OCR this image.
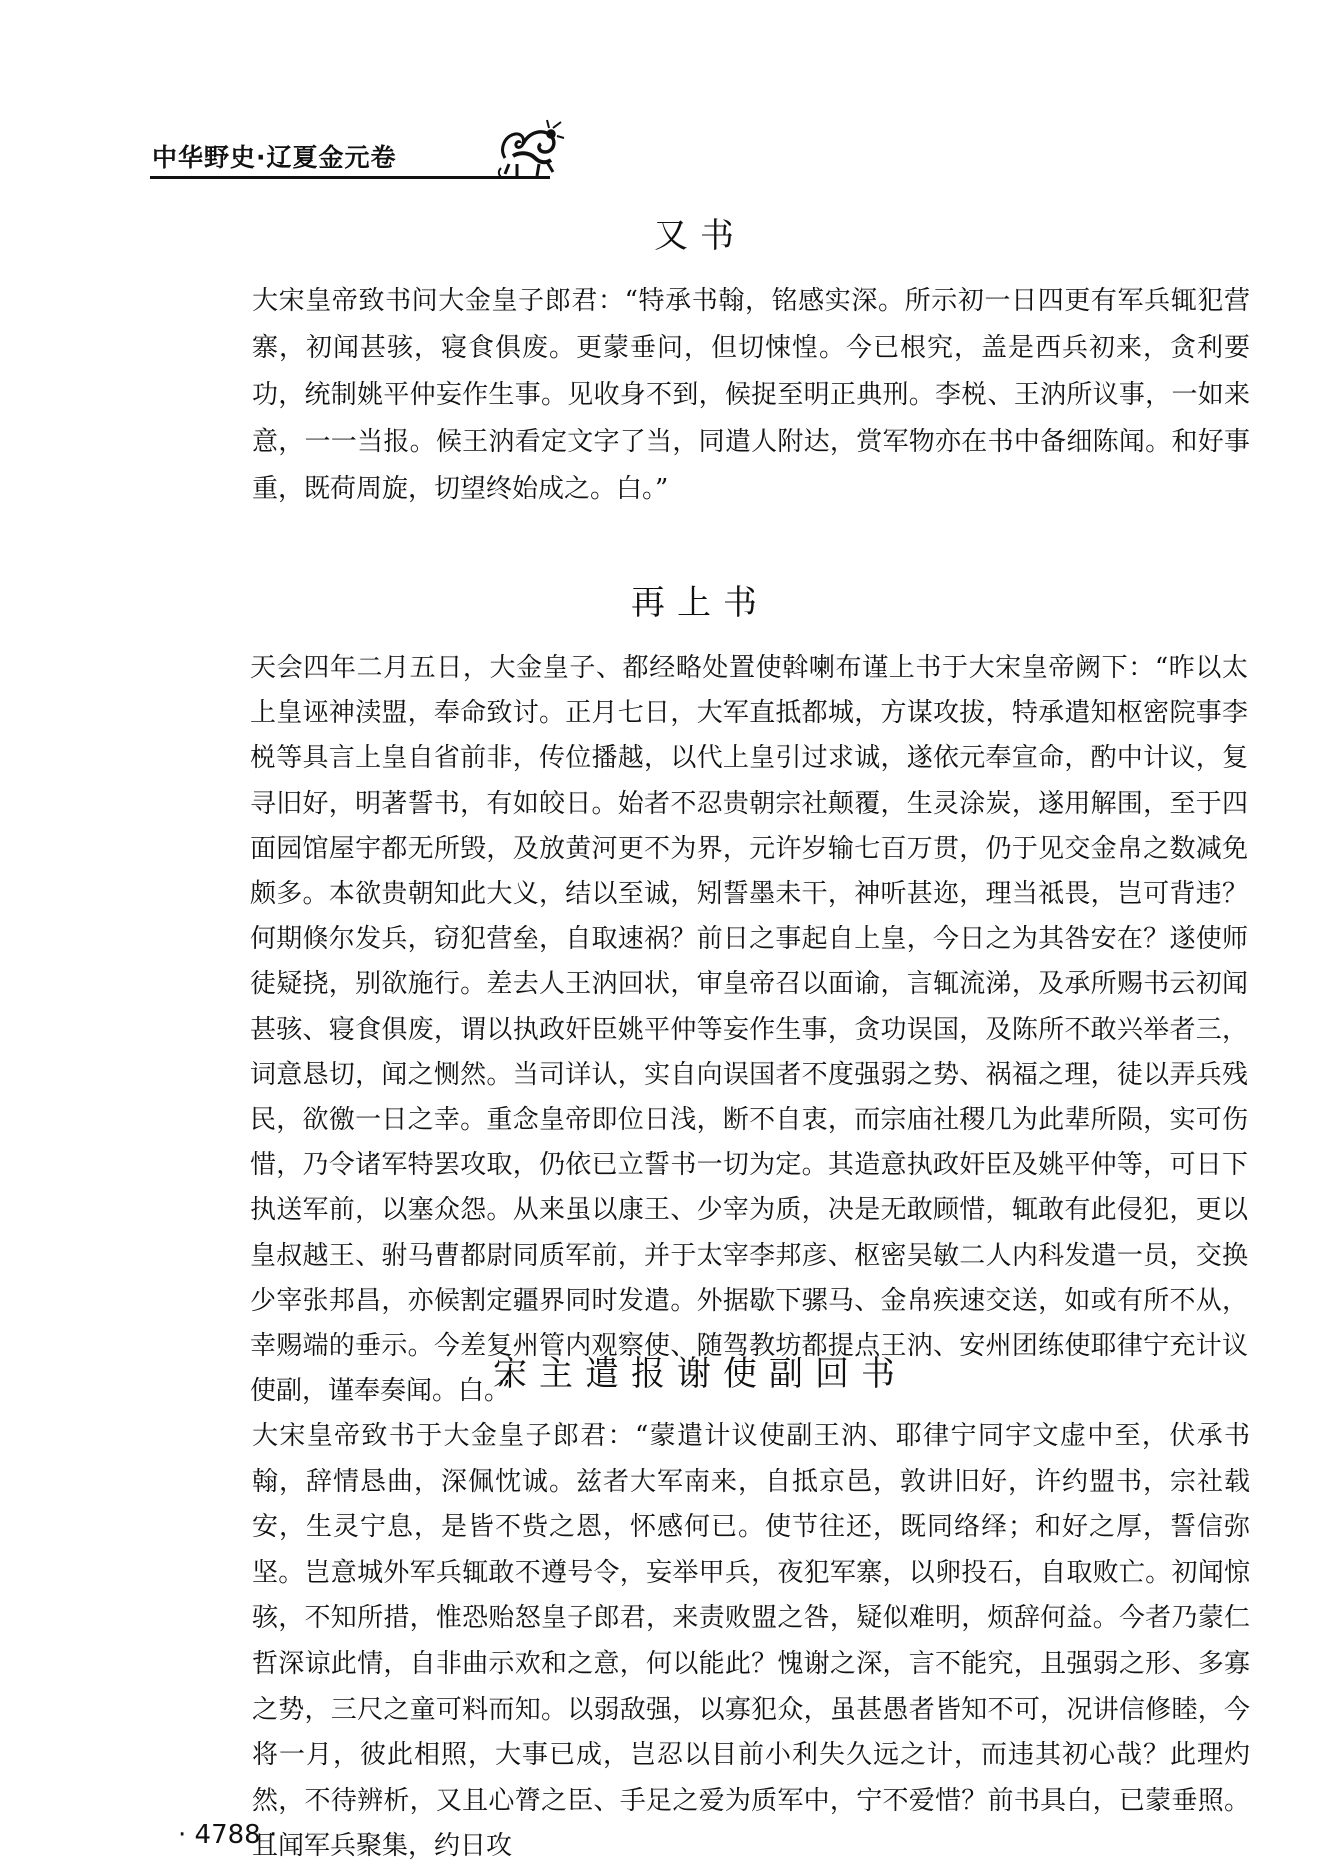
中华野史·辽夏金元卷
又书
大宋皇帝致书问大金皇子郎君：“特承书翰，铭感实深。所示初一日四更有军兵辄犯营寨，初闻甚骇，寝食俱废。更蒙垂问，但切悚惶。今已根究，盖是西兵初来，贪利要功，统制姚平仲妄作生事。见收身不到，候捉至明正典刑。李棁、王汭所议事，一如来意，一一当报。候王汭看定文字了当，同遣人附达，赏军物亦在书中备细陈闻。和好事重，既荷周旋，切望终始成之。白。”
再上书
天会四年二月五日，大金皇子、都经略处置使斡喇布谨上书于大宋皇帝阙下：“昨以太上皇诬神渎盟，奉命致讨。正月七日，大军直抵都城，方谋攻拔，特承遣知枢密院事李棁等具言上皇自省前非，传位播越，以代上皇引过求诚，遂依元奉宣命，酌中计议，复寻旧好，明著誓书，有如皎日。始者不忍贵朝宗社颠覆，生灵涂炭，遂用解围，至于四面园馆屋宇都无所毁，及放黄河更不为界，元许岁输七百万贯，仍于见交金帛之数减免颇多。本欲贵朝知此大义，结以至诚，矧誓墨未干，神听甚迩，理当祗畏，岂可背违？何期倏尔发兵，窃犯营垒，自取速祸？前日之事起自上皇，今日之为其咎安在？遂使师徒疑挠，别欲施行。差去人王汭回状，审皇帝召以面谕，言辄流涕，及承所赐书云初闻甚骇、寝食俱废，谓以执政奸臣姚平仲等妄作生事，贪功误国，及陈所不敢兴举者三，词意恳切，闻之恻然。当司详认，实自向误国者不度强弱之势、祸福之理，徒以弄兵残民，欲徼一日之幸。重念皇帝即位日浅，断不自衷，而宗庙社稷几为此辈所陨，实可伤惜，乃令诸军特罢攻取，仍依已立誓书一切为定。其造意执政奸臣及姚平仲等，可日下执送军前，以塞众怨。从来虽以康王、少宰为质，决是无敢顾惜，辄敢有此侵犯，更以皇叔越王、驸马曹都尉同质军前，并于太宰李邦彦、枢密吴敏二人内科发遣一员，交换少宰张邦昌，亦候割定疆界同时发遣。外据歇下骡马、金帛疾速交送，如或有所不从，幸赐端的垂示。今差复州管内观察使、随驾教坊都提点王汭、安州团练使耶律宁充计议使副，谨奉奏闻。白。”
宋主遣报谢使副回书
大宋皇帝致书于大金皇子郎君：“蒙遣计议使副王汭、耶律宁同宇文虚中至，伏承书翰，辞情恳曲，深佩忱诚。兹者大军南来，自抵京邑，敦讲旧好，许约盟书，宗社载安，生灵宁息，是皆不赀之恩，怀感何已。使节往还，既同络绎；和好之厚，誓信弥坚。岂意城外军兵辄敢不遵号令，妄举甲兵，夜犯军寨，以卵投石，自取败亡。初闻惊骇，不知所措，惟恐贻怒皇子郎君，来责败盟之咎，疑似难明，烦辞何益。今者乃蒙仁哲深谅此情，自非曲示欢和之意，何以能此？愧谢之深，言不能究，且强弱之形、多寡之势，三尺之童可料而知。以弱敌强，以寡犯众，虽甚愚者皆知不可，况讲信修睦，今将一月，彼此相照，大事已成，岂忍以目前小利失久远之计，而违其初心哉？此理灼然，不待辨析，又且心膂之臣、手足之爱为质军中，宁不爱惜？前书具白，已蒙垂照。且闻军兵聚集，约日攻
· 4788 ·
